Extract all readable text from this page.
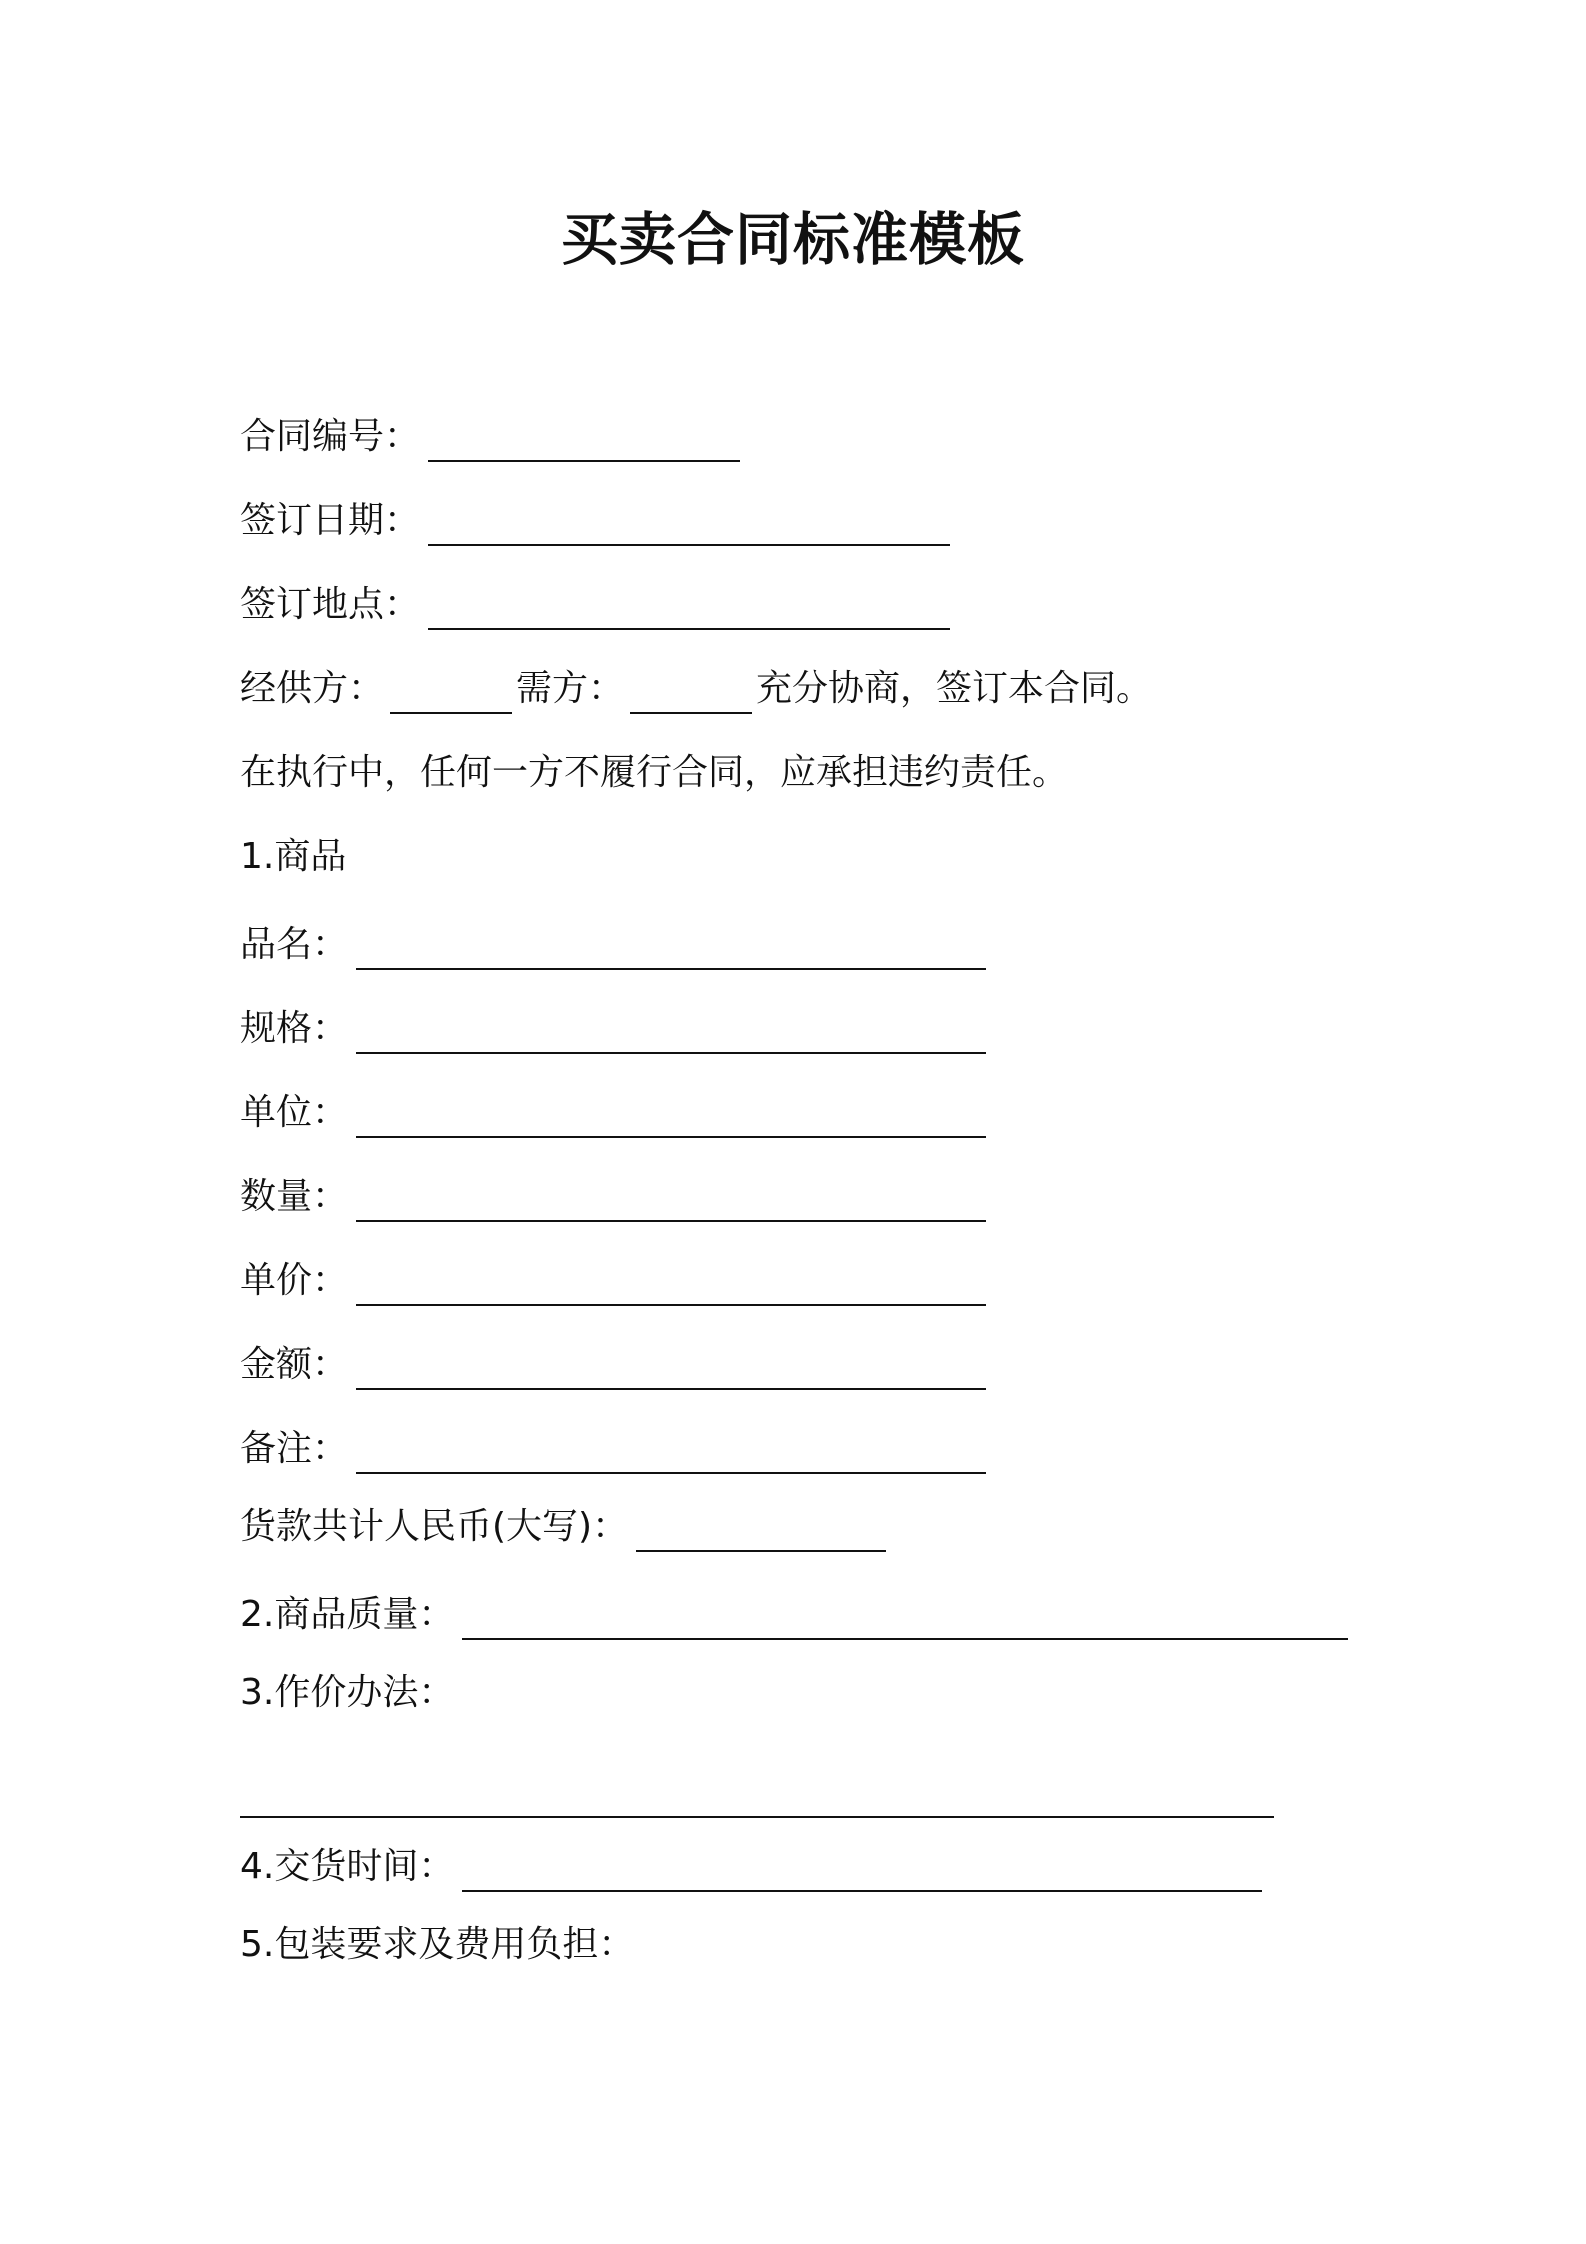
买卖合同标准模板
合同编号：
签订日期：
签订地点：
经供方：	需方：	充分协商，签订本合同。
在执行中，任何一方不履行合同，应承担违约责任。
1.商品
品名：
规格：
单位：
数量：
单价：
金额：
备注：
货款共计人民币(大写)：
2.商品质量：
3.作价办法：
4.交货时间：
5.包装要求及费用负担：
